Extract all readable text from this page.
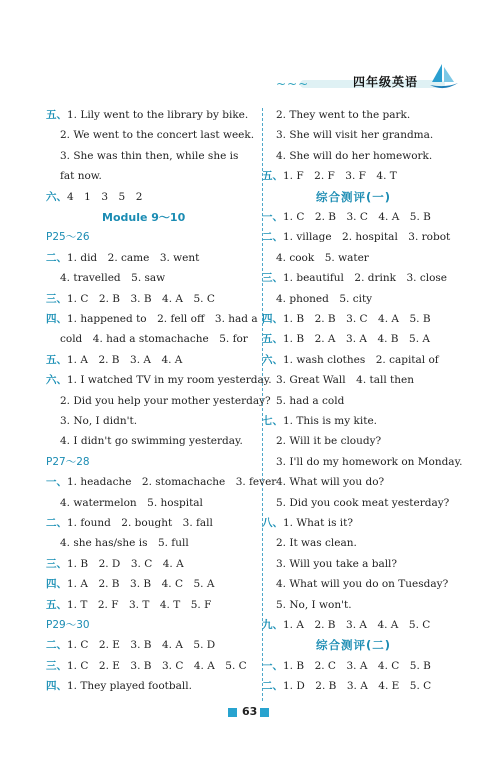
~~~	四年级英语
五、1. Lily went to the library by bike.
2. We went to the concert last week.
3. She was thin then, while she is
fat now.
六、4　1　3　5　2
Module 9～10
P25～26
二、1. did　2. came　3. went
4. travelled　5. saw
三、1. C　2. B　3. B　4. A　5. C
四、1. happened to　2. fell off　3. had a
cold　4. had a stomachache　5. for
五、1. A　2. B　3. A　4. A
六、1. I watched TV in my room yesterday.
2. Did you help your mother yesterday?
3. No, I didn't.
4. I didn't go swimming yesterday.
P27～28
一、1. headache　2. stomachache　3. fever
4. watermelon　5. hospital
二、1. found　2. bought　3. fall
4. she has/she is　5. full
三、1. B　2. D　3. C　4. A
四、1. A　2. B　3. B　4. C　5. A
五、1. T　2. F　3. T　4. T　5. F
P29～30
二、1. C　2. E　3. B　4. A　5. D
三、1. C　2. E　3. B　3. C　4. A　5. C
四、1. They played football.
2. They went to the park.
3. She will visit her grandma.
4. She will do her homework.
五、1. F　2. F　3. F　4. T
综合测评(一)
一、1. C　2. B　3. C　4. A　5. B
二、1. village　2. hospital　3. robot
4. cook　5. water
三、1. beautiful　2. drink　3. close
4. phoned　5. city
四、1. B　2. B　3. C　4. A　5. B
五、1. B　2. A　3. A　4. B　5. A
六、1. wash clothes　2. capital of
3. Great Wall　4. tall then
5. had a cold
七、1. This is my kite.
2. Will it be cloudy?
3. I'll do my homework on Monday.
4. What will you do?
5. Did you cook meat yesterday?
八、1. What is it?
2. It was clean.
3. Will you take a ball?
4. What will you do on Tuesday?
5. No, I won't.
九、1. A　2. B　3. A　4. A　5. C
综合测评(二)
一、1. B　2. C　3. A　4. C　5. B
二、1. D　2. B　3. A　4. E　5. C
63
